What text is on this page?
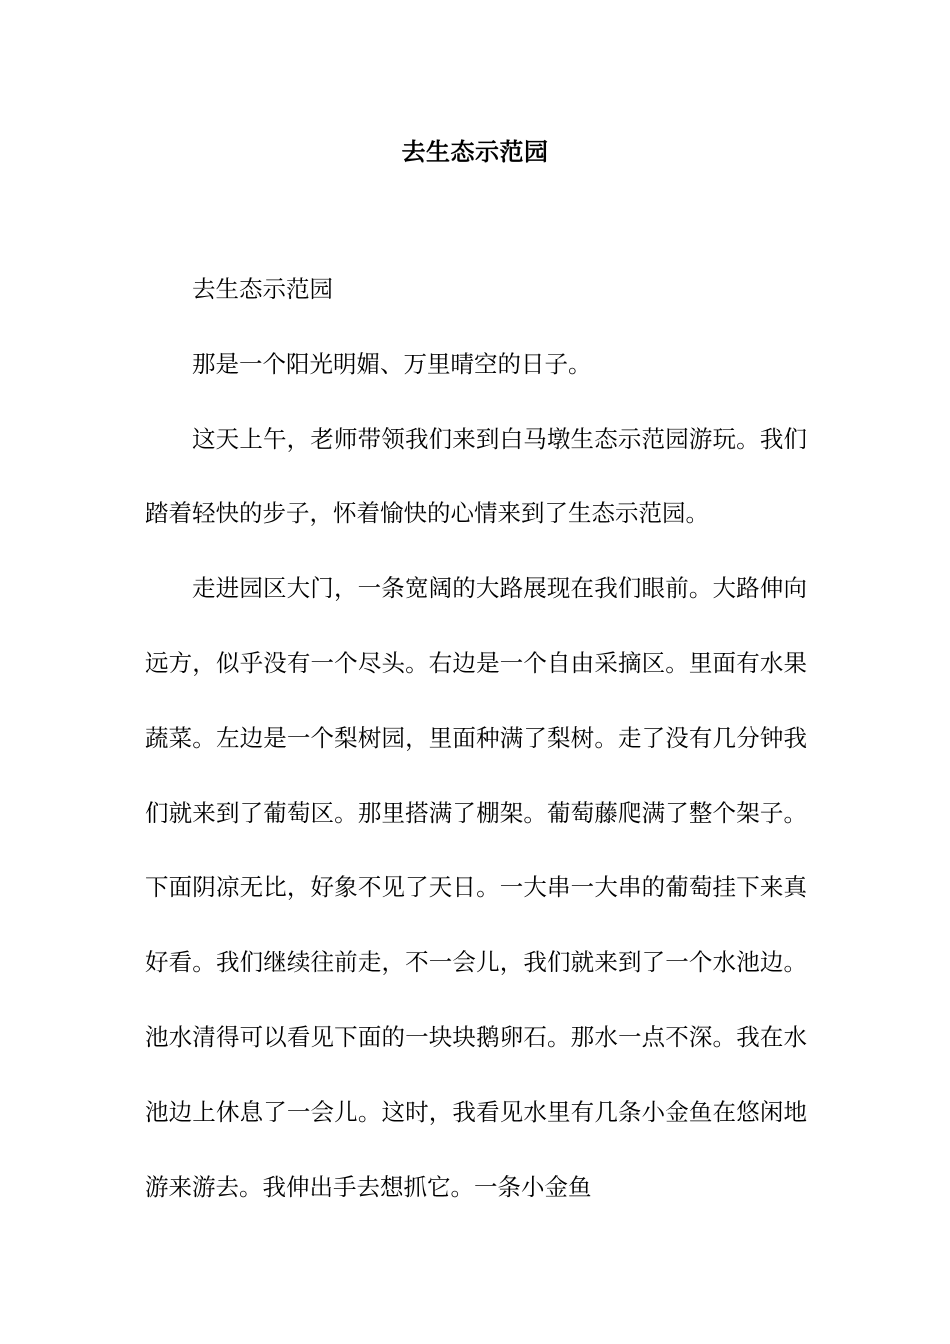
去生态示范园

去生态示范园

那是一个阳光明媚、万里晴空的日子。

这天上午，老师带领我们来到白马墩生态示范园游玩。我们踏着轻快的步子，怀着愉快的心情来到了生态示范园。

走进园区大门，一条宽阔的大路展现在我们眼前。大路伸向远方，似乎没有一个尽头。右边是一个自由采摘区。里面有水果蔬菜。左边是一个梨树园，里面种满了梨树。走了没有几分钟我们就来到了葡萄区。那里搭满了棚架。葡萄藤爬满了整个架子。下面阴凉无比，好象不见了天日。一大串一大串的葡萄挂下来真好看。我们继续往前走，不一会儿，我们就来到了一个水池边。池水清得可以看见下面的一块块鹅卵石。那水一点不深。我在水池边上休息了一会儿。这时，我看见水里有几条小金鱼在悠闲地游来游去。我伸出手去想抓它。一条小金鱼
